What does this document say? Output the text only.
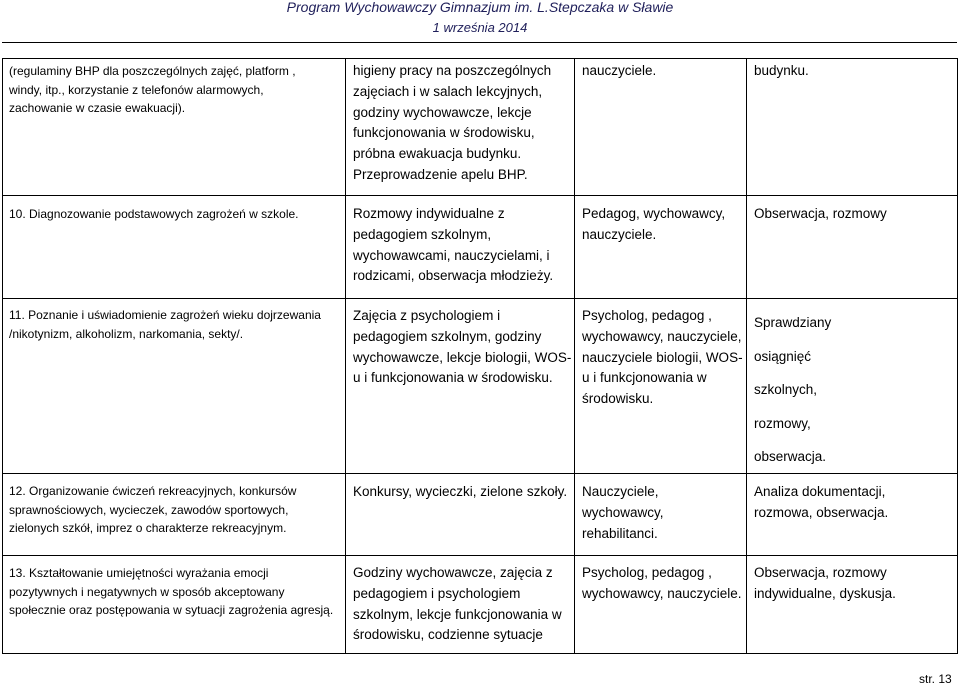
Program Wychowawczy Gimnazjum im. L.Stepczaka w Sławie
1 września 2014
(regulaminy BHP dla poszczególnych zajęć, platform ,
windy, itp., korzystanie z telefonów alarmowych,
zachowanie w czasie ewakuacji).
higieny pracy na poszczególnych
zajęciach i w salach lekcyjnych,
godziny wychowawcze, lekcje
funkcjonowania w środowisku,
próbna ewakuacja budynku.
Przeprowadzenie apelu BHP.
nauczyciele.	budynku.
10. Diagnozowanie podstawowych zagrożeń w szkole.	Rozmowy indywidualne z
pedagogiem szkolnym,
wychowawcami, nauczycielami, i
rodzicami, obserwacja młodzieży.
Pedagog, wychowawcy,
nauczyciele.
Obserwacja, rozmowy
11. Poznanie i uświadomienie zagrożeń wieku dojrzewania
/nikotynizm, alkoholizm, narkomania, sekty/.
Zajęcia z psychologiem i
pedagogiem szkolnym, godziny
wychowawcze, lekcje biologii, WOS-
u i funkcjonowania w środowisku.
Psycholog, pedagog ,
wychowawcy, nauczyciele,
nauczyciele biologii, WOS-
u i funkcjonowania w
środowisku.
Sprawdziany
osiągnięć
szkolnych,
rozmowy,
obserwacja.
12. Organizowanie ćwiczeń rekreacyjnych, konkursów
sprawnościowych, wycieczek, zawodów sportowych,
zielonych szkół, imprez o charakterze rekreacyjnym.
Konkursy, wycieczki, zielone szkoły. Nauczyciele,
wychowawcy,
rehabilitanci.
Analiza dokumentacji,
rozmowa, obserwacja.
13. Kształtowanie umiejętności wyrażania emocji
pozytywnych i negatywnych w sposób akceptowany
społecznie oraz postępowania w sytuacji zagrożenia agresją.
Godziny wychowawcze, zajęcia z
pedagogiem i psychologiem
szkolnym, lekcje funkcjonowania w
środowisku, codzienne sytuacje
Psycholog, pedagog ,
wychowawcy, nauczyciele.
Obserwacja, rozmowy
indywidualne, dyskusja.
str. 13
